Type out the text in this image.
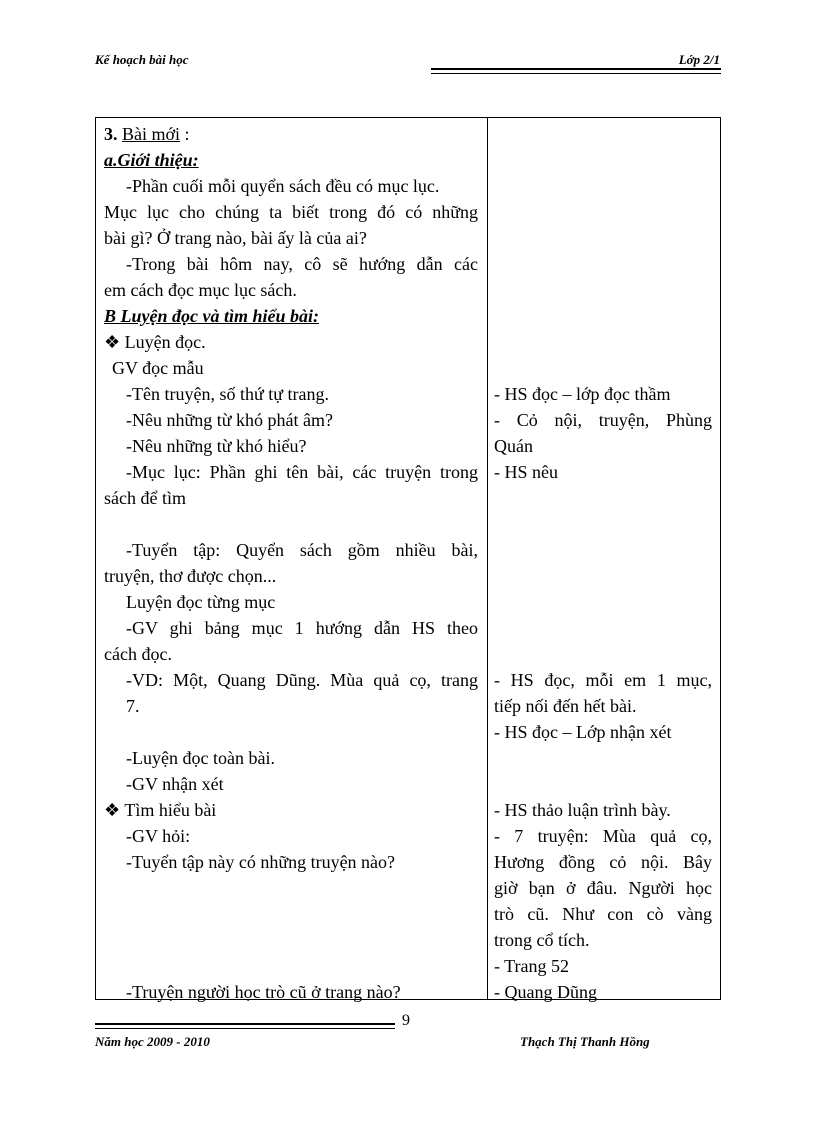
Kế hoạch bài học	Lớp 2/1
3. Bài mới :
a.Giới thiệu:
-Phần cuối mỗi quyển sách đều có mục lục.
Mục lục cho chúng ta biết trong đó có những
bài gì? Ở trang nào, bài ấy là của ai?
-Trong bài hôm nay, cô sẽ hướng dẫn các
em cách đọc mục lục sách.
B Luyện đọc và tìm hiểu bài:
❖ Luyện đọc.
GV đọc mẫu
-Tên truyện, số thứ tự trang.
-Nêu những từ khó phát âm?
-Nêu những từ khó hiểu?
-Mục lục: Phần ghi tên bài, các truyện trong
sách để tìm
-Tuyển tập: Quyển sách gồm nhiều bài,
truyện, thơ được chọn...
Luyện đọc từng mục
-GV ghi bảng mục 1 hướng dẫn HS theo
cách đọc.
-VD: Một, Quang Dũng. Mùa quả cọ, trang
7.
-Luyện đọc toàn bài.
-GV nhận xét
❖ Tìm hiểu bài
-GV hỏi:
-Tuyển tập này có những truyện nào?
-Truyện người học trò cũ ở trang nào?
- HS đọc – lớp đọc thầm
- Cỏ nội, truyện, Phùng
Quán
- HS nêu
- HS đọc, mỗi em 1 mục,
tiếp nối đến hết bài.
- HS đọc – Lớp nhận xét
- HS thảo luận trình bày.
- 7 truyện: Mùa quả cọ,
Hương đồng cỏ nội. Bây
giờ bạn ở đâu. Người học
trò cũ. Như con cò vàng
trong cổ tích.
- Trang 52
- Quang Dũng
9
Năm học 2009 - 2010	Thạch Thị Thanh Hồng
